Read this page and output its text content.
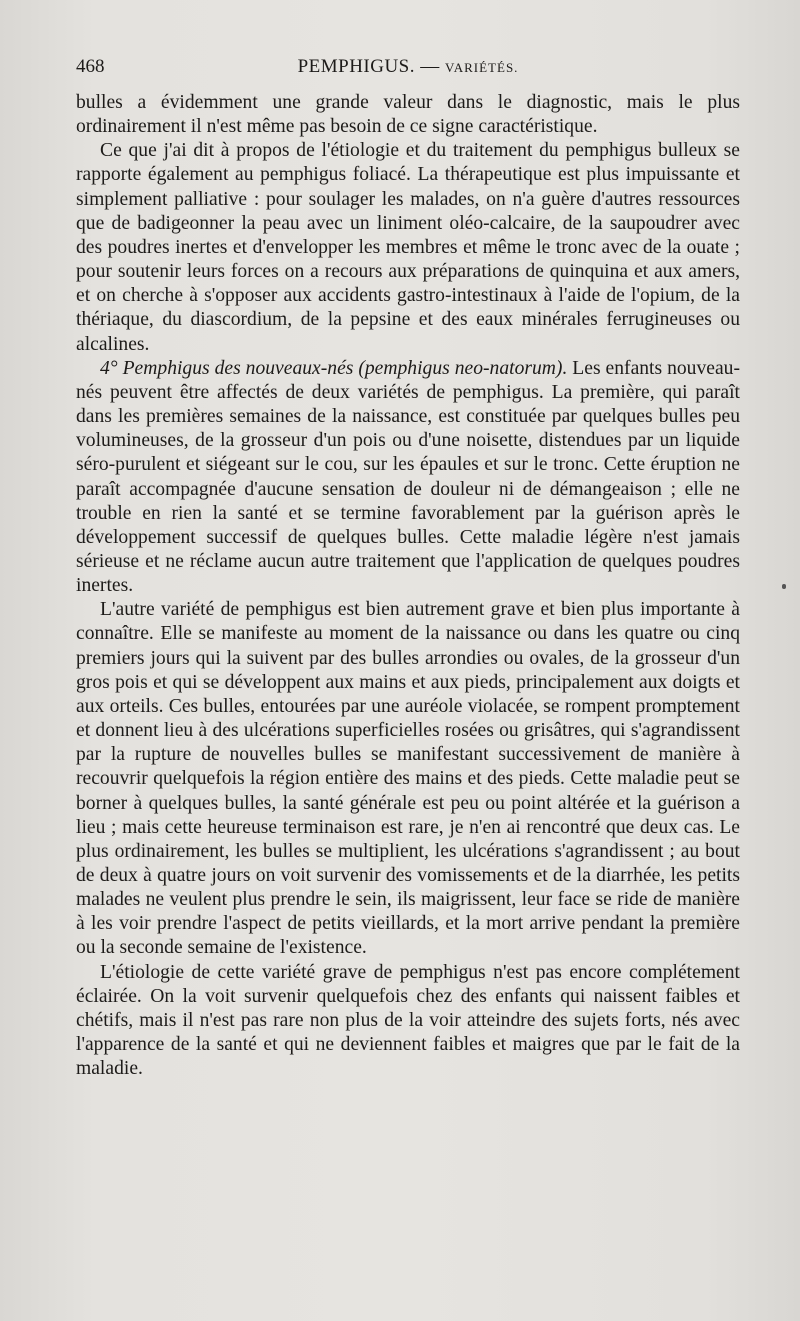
468	PEMPHIGUS. — VARIÉTÉS.

bulles a évidemment une grande valeur dans le diagnostic, mais le plus ordinairement il n'est même pas besoin de ce signe caractéristique.

Ce que j'ai dit à propos de l'étiologie et du traitement du pemphigus bulleux se rapporte également au pemphigus foliacé. La thérapeutique est plus impuissante et simplement palliative : pour soulager les malades, on n'a guère d'autres ressources que de badigeonner la peau avec un liniment oléo-calcaire, de la saupoudrer avec des poudres inertes et d'envelopper les membres et même le tronc avec de la ouate ; pour soutenir leurs forces on a recours aux préparations de quinquina et aux amers, et on cherche à s'opposer aux accidents gastro-intestinaux à l'aide de l'opium, de la thériaque, du diascordium, de la pepsine et des eaux minérales ferrugineuses ou alcalines.

4° Pemphigus des nouveaux-nés (pemphigus neo-natorum). Les enfants nouveau-nés peuvent être affectés de deux variétés de pemphigus. La première, qui paraît dans les premières semaines de la naissance, est constituée par quelques bulles peu volumineuses, de la grosseur d'un pois ou d'une noisette, distendues par un liquide séro-purulent et siégeant sur le cou, sur les épaules et sur le tronc. Cette éruption ne paraît accompagnée d'aucune sensation de douleur ni de démangeaison ; elle ne trouble en rien la santé et se termine favorablement par la guérison après le développement successif de quelques bulles. Cette maladie légère n'est jamais sérieuse et ne réclame aucun autre traitement que l'application de quelques poudres inertes.

L'autre variété de pemphigus est bien autrement grave et bien plus importante à connaître. Elle se manifeste au moment de la naissance ou dans les quatre ou cinq premiers jours qui la suivent par des bulles arrondies ou ovales, de la grosseur d'un gros pois et qui se développent aux mains et aux pieds, principalement aux doigts et aux orteils. Ces bulles, entourées par une auréole violacée, se rompent promptement et donnent lieu à des ulcérations superficielles rosées ou grisâtres, qui s'agrandissent par la rupture de nouvelles bulles se manifestant successivement de manière à recouvrir quelquefois la région entière des mains et des pieds. Cette maladie peut se borner à quelques bulles, la santé générale est peu ou point altérée et la guérison a lieu ; mais cette heureuse terminaison est rare, je n'en ai rencontré que deux cas. Le plus ordinairement, les bulles se multiplient, les ulcérations s'agrandissent ; au bout de deux à quatre jours on voit survenir des vomissements et de la diarrhée, les petits malades ne veulent plus prendre le sein, ils maigrissent, leur face se ride de manière à les voir prendre l'aspect de petits vieillards, et la mort arrive pendant la première ou la seconde semaine de l'existence.

L'étiologie de cette variété grave de pemphigus n'est pas encore complétement éclairée. On la voit survenir quelquefois chez des enfants qui naissent faibles et chétifs, mais il n'est pas rare non plus de la voir atteindre des sujets forts, nés avec l'apparence de la santé et qui ne deviennent faibles et maigres que par le fait de la maladie.
